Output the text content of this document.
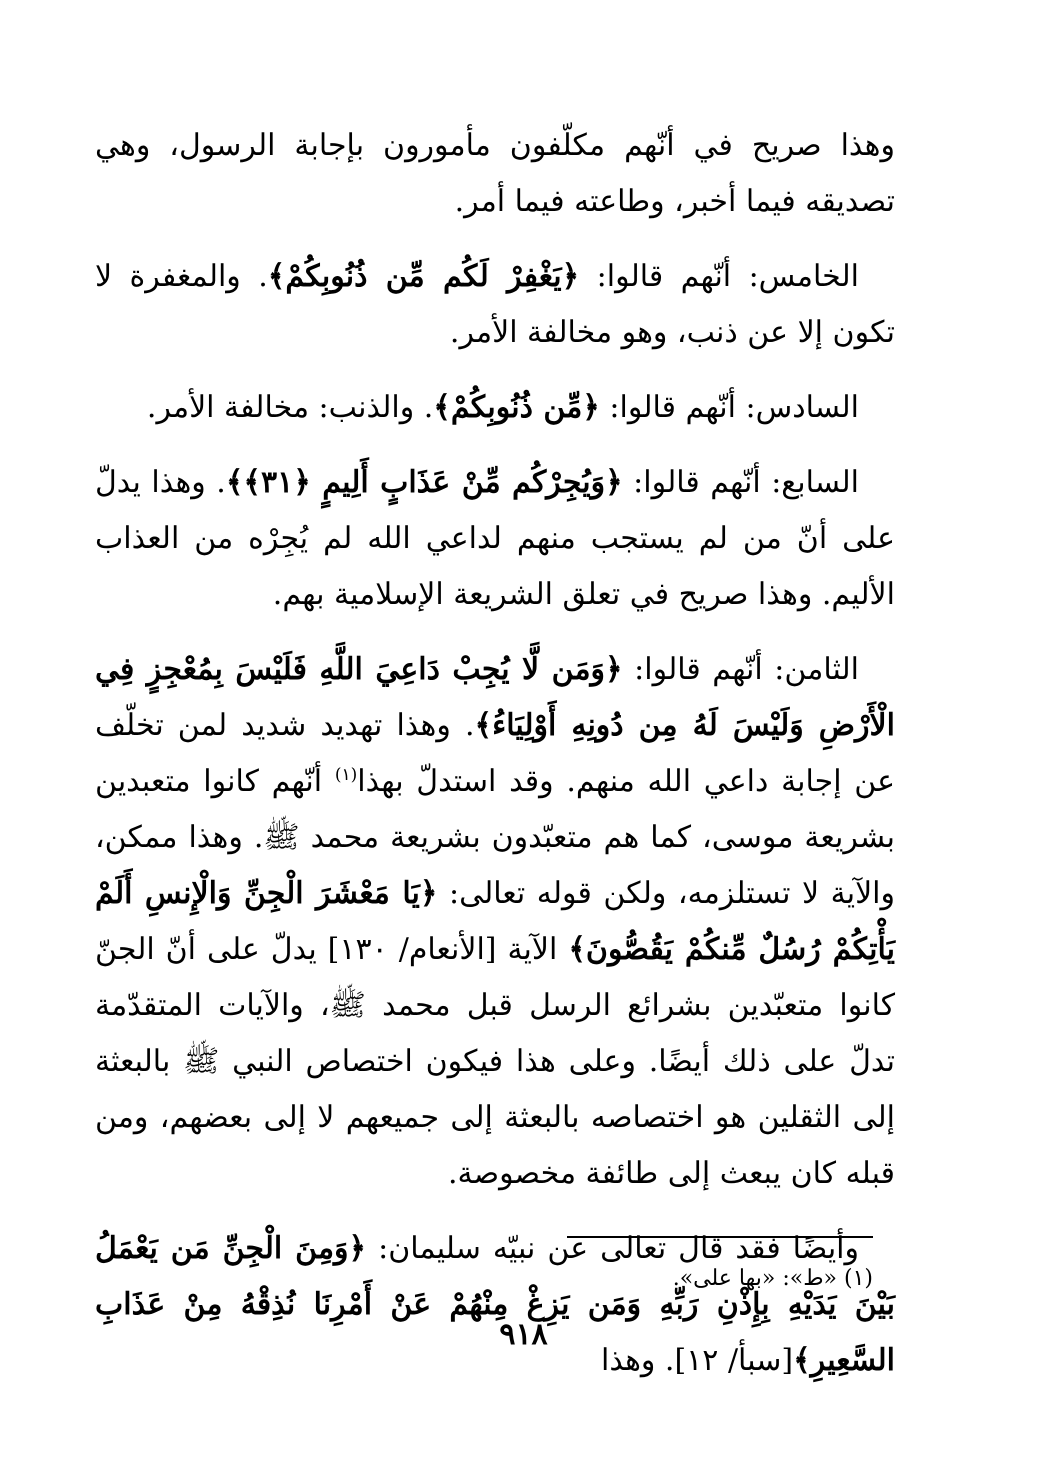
وهذا صريح في أنّهم مكلّفون مأمورون بإجابة الرسول، وهي تصديقه فيما أخبر، وطاعته فيما أمر.

الخامس: أنّهم قالوا: ﴿يَغْفِرْ لَكُم مِّن ذُنُوبِكُمْ﴾. والمغفرة لا تكون إلا عن ذنب، وهو مخالفة الأمر.

السادس: أنّهم قالوا: ﴿مِّن ذُنُوبِكُمْ﴾. والذنب: مخالفة الأمر.

السابع: أنّهم قالوا: ﴿وَيُجِرْكُم مِّنْ عَذَابٍ أَلِيمٍ ﴿٣١﴾﴾. وهذا يدلّ على أنّ من لم يستجب منهم لداعي الله لم يُجِرْه من العذاب الأليم. وهذا صريح في تعلق الشريعة الإسلامية بهم.

الثامن: أنّهم قالوا: ﴿وَمَن لَّا يُجِبْ دَاعِيَ اللَّهِ فَلَيْسَ بِمُعْجِزٍ فِي الْأَرْضِ وَلَيْسَ لَهُ مِن دُونِهِ أَوْلِيَاءُ﴾. وهذا تهديد شديد لمن تخلّف عن إجابة داعي الله منهم. وقد استدلّ بهذا$^{(١)}$ أنّهم كانوا متعبدين بشريعة موسى، كما هم متعبّدون بشريعة محمد ﷺ. وهذا ممكن، والآية لا تستلزمه، ولكن قوله تعالى: ﴿يَا مَعْشَرَ الْجِنِّ وَالْإِنسِ أَلَمْ يَأْتِكُمْ رُسُلٌ مِّنكُمْ يَقُصُّونَ﴾ الآية [الأنعام/ ١٣٠] يدلّ على أنّ الجنّ كانوا متعبّدين بشرائع الرسل قبل محمد ﷺ، والآيات المتقدّمة تدلّ على ذلك أيضًا. وعلى هذا فيكون اختصاص النبي ﷺ بالبعثة إلى الثقلين هو اختصاصه بالبعثة إلى جميعهم لا إلى بعضهم، ومن قبله كان يبعث إلى طائفة مخصوصة.

وأيضًا فقد قال تعالى عن نبيّه سليمان: ﴿وَمِنَ الْجِنِّ مَن يَعْمَلُ بَيْنَ يَدَيْهِ بِإِذْنِ رَبِّهِ وَمَن يَزِغْ مِنْهُمْ عَنْ أَمْرِنَا نُذِقْهُ مِنْ عَذَابِ السَّعِيرِ﴾[سبأ/ ١٢]. وهذا

(١) «ط»: «بها على».
٩١٨
